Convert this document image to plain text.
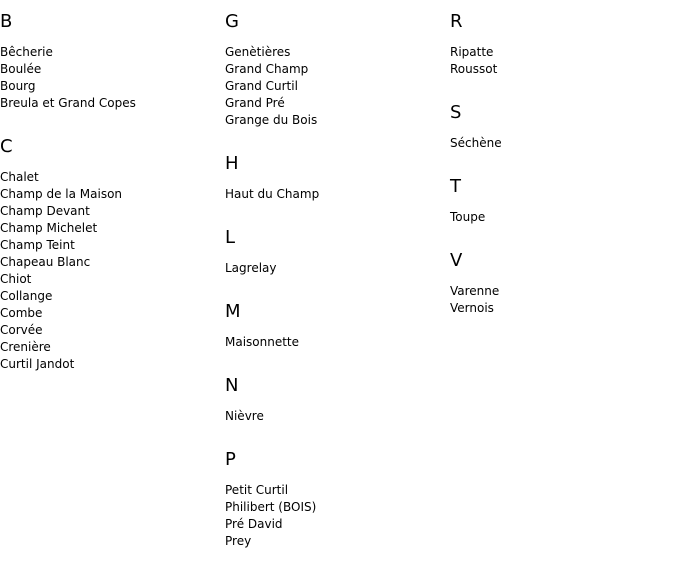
B
Bêcherie
Boulée
Bourg
Breula et Grand Copes
C
Chalet
Champ de la Maison
Champ Devant
Champ Michelet
Champ Teint
Chapeau Blanc
Chiot
Collange
Combe
Corvée
Crenière
Curtil Jandot
G
Genètières
Grand Champ
Grand Curtil
Grand Pré
Grange du Bois
H
Haut du Champ
L
Lagrelay
M
Maisonnette
N
Nièvre
P
Petit Curtil
Philibert (BOIS)
Pré David
Prey
R
Ripatte
Roussot
S
Séchène
T
Toupe
V
Varenne
Vernois
